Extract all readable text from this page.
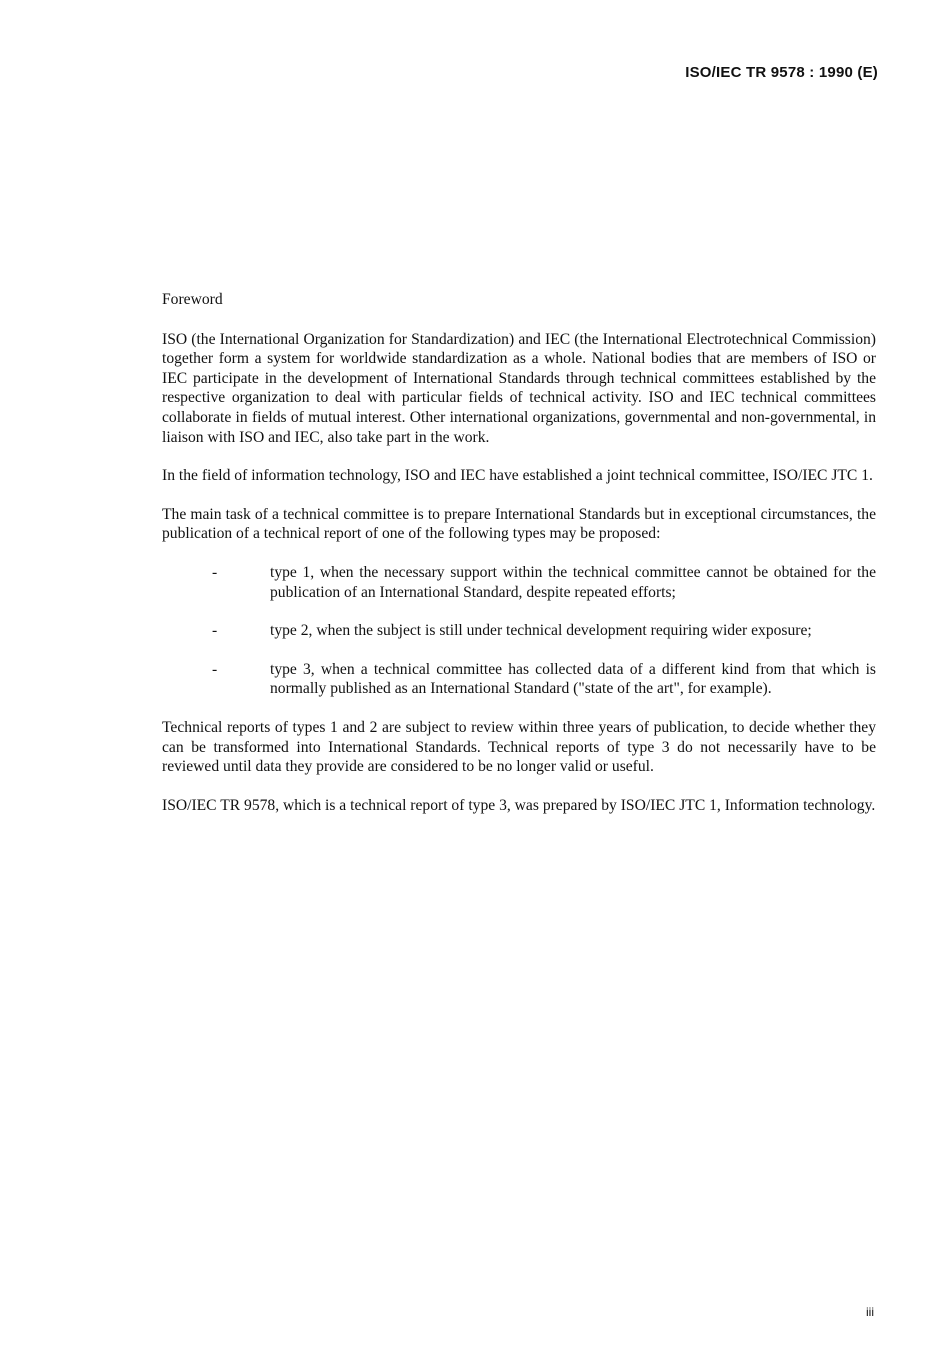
ISO/IEC TR 9578 : 1990 (E)
Foreword

ISO (the International Organization for Standardization) and IEC (the International Electrotechnical Commission) together form a system for worldwide standardization as a whole. National bodies that are members of ISO or IEC participate in the development of International Standards through technical committees established by the respective organization to deal with particular fields of technical activity. ISO and IEC technical committees collaborate in fields of mutual interest. Other international organizations, governmental and non-governmental, in liaison with ISO and IEC, also take part in the work.

In the field of information technology, ISO and IEC have established a joint technical committee, ISO/IEC JTC 1.

The main task of a technical committee is to prepare International Standards but in exceptional circumstances, the publication of a technical report of one of the following types may be proposed:

-	type 1, when the necessary support within the technical committee cannot be obtained for the publication of an International Standard, despite repeated efforts;
-	type 2, when the subject is still under technical development requiring wider exposure;
-	type 3, when a technical committee has collected data of a different kind from that which is normally published as an International Standard ("state of the art", for example).

Technical reports of types 1 and 2 are subject to review within three years of publication, to decide whether they can be transformed into International Standards. Technical reports of type 3 do not necessarily have to be reviewed until data they provide are considered to be no longer valid or useful.

ISO/IEC TR 9578, which is a technical report of type 3, was prepared by ISO/IEC JTC 1, Information technology.

iii
